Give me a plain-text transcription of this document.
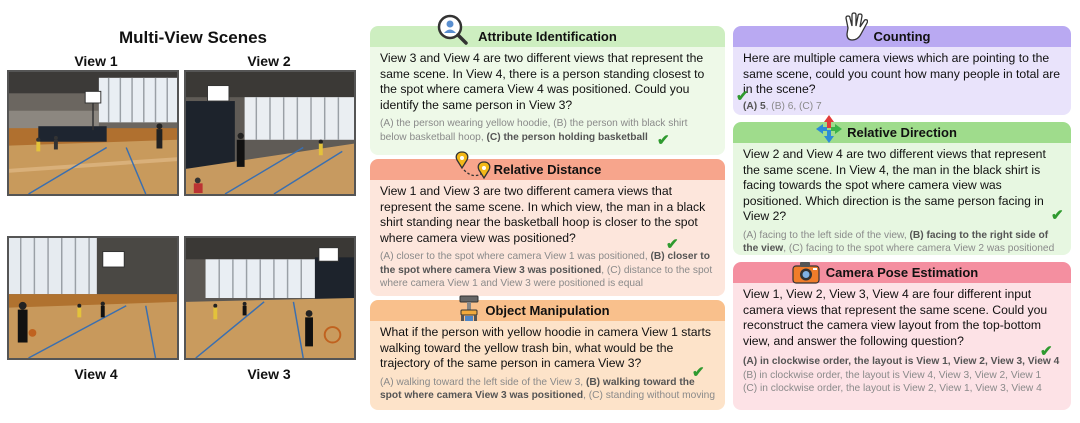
Multi-View Scenes
View 1	View 2
View 4	View 3
Attribute Identification
View 3 and View 4 are two different views that represent the same scene. In View 4, there is a person standing closest to the spot where camera View 4 was positioned. Could you identify the same person in View 3?
(A) the person wearing yellow hoodie, (B) the person with black shirt below basketball hoop, (C) the person holding basketball ✔
Relative Distance
View 1 and View 3 are two different camera views that represent the same scene. In which view, the man in a black shirt standing near the basketball hoop is closer to the spot where camera view was positioned?
(A) closer to the spot where camera View 1 was positioned, (B) closer to the spot where camera View 3 was positioned, (C) distance to the spot where camera View 1 and View 3 were positioned is equal
✔
Object Manipulation
What if the person with yellow hoodie in camera View 1 starts walking toward the yellow trash bin, what would be the trajectory of the same person in camera View 3?
(A) walking toward the left side of the View 3, (B) walking toward the spot where camera View 3 was positioned, (C) standing without moving
✔
Counting
Here are multiple camera views which are pointing to the same scene, could you count how many people in total are in the scene?
(A) 5, (B) 6, (C) 7
✔
Relative Direction
View 2 and View 4 are two different views that represent the same scene. In View 4, the man in the black shirt is facing towards the spot where camera view was positioned. Which direction is the same person facing in View 2?
(A) facing to the left side of the view, (B) facing to the right side of the view, (C) facing to the spot where camera View 2 was positioned
✔
Camera Pose Estimation
View 1, View 2, View 3, View 4 are four different input camera views that represent the same scene. Could you reconstruct the camera view layout from the top-bottom view, and answer the following question?
(A) in clockwise order, the layout is View 1, View 2, View 3, View 4
(B) in clockwise order, the layout is View 4, View 3, View 2, View 1
(C) in clockwise order, the layout is View 2, View 1, View 3, View 4
✔
